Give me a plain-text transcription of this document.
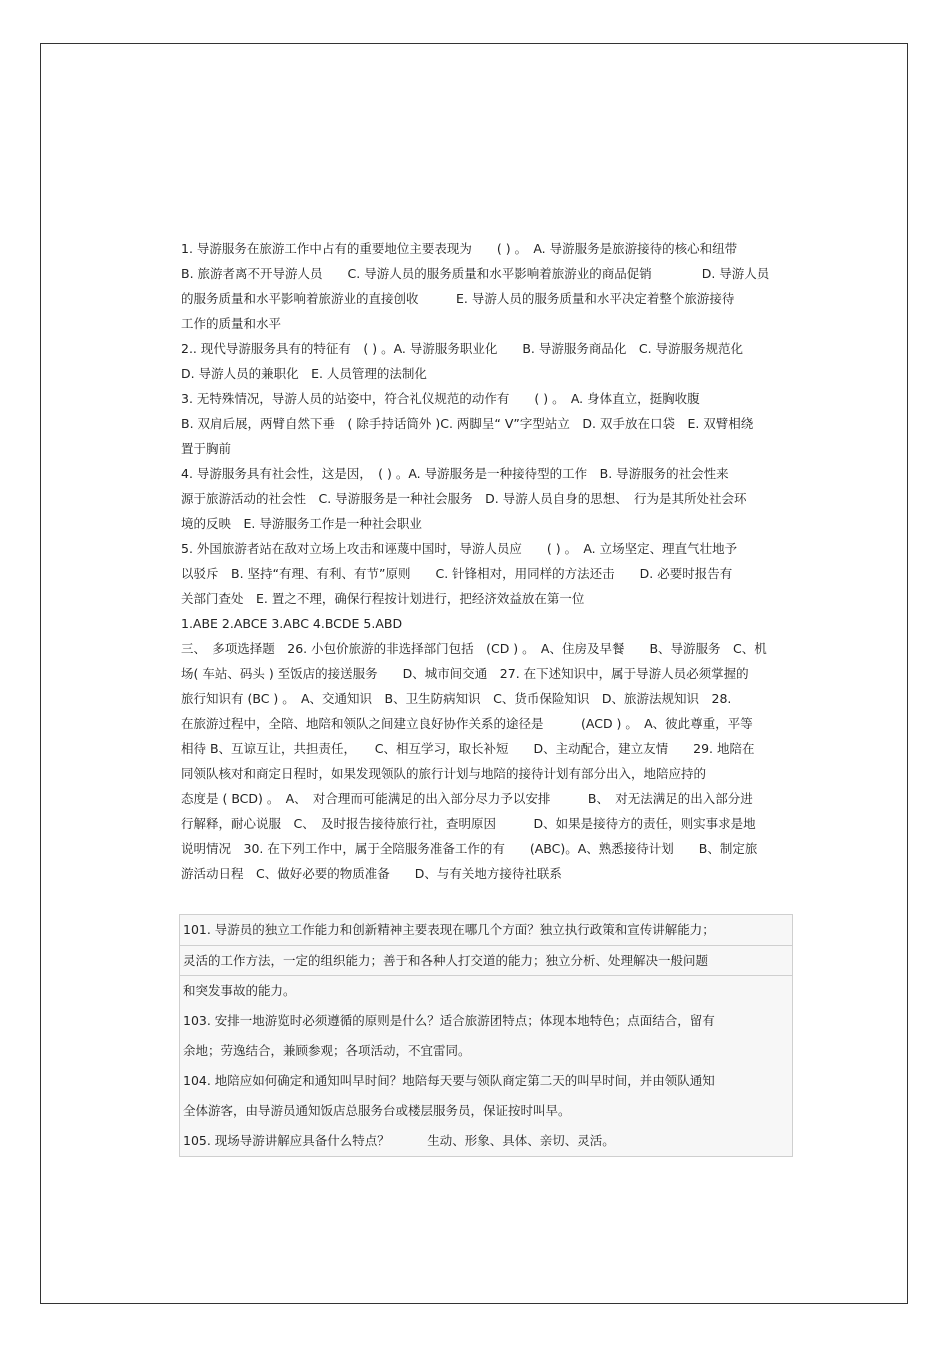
1. 导游服务在旅游工作中占有的重要地位主要表现为　　( ) 。　A. 导游服务是旅游接待的核心和纽带
B. 旅游者离不开导游人员　　C. 导游人员的服务质量和水平影响着旅游业的商品促销　　　　D. 导游人员
的服务质量和水平影响着旅游业的直接创收　　　E. 导游人员的服务质量和水平决定着整个旅游接待
工作的质量和水平
2.. 现代导游服务具有的特征有　( ) 。A. 导游服务职业化　　B. 导游服务商品化　C. 导游服务规范化
D. 导游人员的兼职化　E. 人员管理的法制化
3. 无特殊情况，导游人员的站姿中，符合礼仪规范的动作有　　( ) 。　A. 身体直立，挺胸收腹
B. 双肩后展，两臂自然下垂　( 除手持话筒外 )C. 两脚呈“ V”字型站立　D. 双手放在口袋　E. 双臂相绕
置于胸前
4. 导游服务具有社会性，这是因，　( ) 。A. 导游服务是一种接待型的工作　B. 导游服务的社会性来
源于旅游活动的社会性　C. 导游服务是一种社会服务　D. 导游人员自身的思想、　行为是其所处社会环
境的反映　E. 导游服务工作是一种社会职业
5. 外国旅游者站在敌对立场上攻击和诬蔑中国时，导游人员应　　( ) 。　A. 立场坚定、理直气壮地予
以驳斥　B. 坚持“有理、有利、有节”原则　　C. 针锋相对，用同样的方法还击　　D. 必要时报告有
关部门查处　E. 置之不理，确保行程按计划进行，把经济效益放在第一位
1.ABE 2.ABCE 3.ABC 4.BCDE 5.ABD
三、　多项选择题　26. 小包价旅游的非选择部门包括　(CD ) 。　A、住房及早餐　　B、导游服务　C、机
场( 车站、码头 ) 至饭店的接送服务　　D、城市间交通　27. 在下述知识中，属于导游人员必须掌握的
旅行知识有 (BC ) 。　A、交通知识　B、卫生防病知识　C、货币保险知识　D、旅游法规知识　28.
在旅游过程中，全陪、地陪和领队之间建立良好协作关系的途径是　　　(ACD ) 。　A、彼此尊重，平等
相待 B、互谅互让，共担责任，　　C、相互学习，取长补短　　D、主动配合，建立友情　　29. 地陪在
同领队核对和商定日程时，如果发现领队的旅行计划与地陪的接待计划有部分出入，地陪应持的
态度是 ( BCD) 。　A、　对合理而可能满足的出入部分尽力予以安排　　　B、　对无法满足的出入部分进
行解释，耐心说服　C、　及时报告接待旅行社，查明原因　　　D、如果是接待方的责任，则实事求是地
说明情况　30. 在下列工作中，属于全陪服务准备工作的有　　(ABC)。A、熟悉接待计划　　B、制定旅
游活动日程　C、做好必要的物质准备　　D、与有关地方接待社联系
101. 导游员的独立工作能力和创新精神主要表现在哪几个方面？独立执行政策和宣传讲解能力；
灵活的工作方法，一定的组织能力；善于和各种人打交道的能力；独立分析、处理解决一般问题
和突发事故的能力。
103. 安排一地游览时必须遵循的原则是什么？适合旅游团特点；体现本地特色；点面结合，留有
余地；劳逸结合，兼顾参观；各项活动，不宜雷同。
104. 地陪应如何确定和通知叫早时间？地陪每天要与领队商定第二天的叫早时间，并由领队通知
全体游客，由导游员通知饭店总服务台或楼层服务员，保证按时叫早。
105. 现场导游讲解应具备什么特点？　　　生动、形象、具体、亲切、灵活。
